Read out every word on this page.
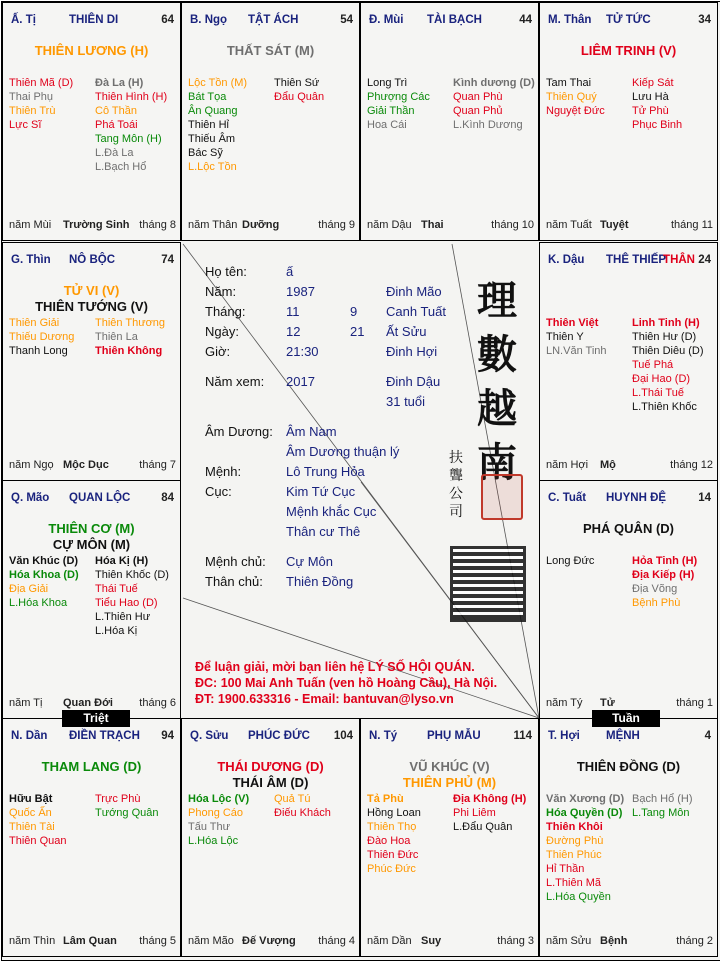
Ấ. Tị	THIÊN DI	64
THIÊN LƯƠNG (H)
Thiên Mã (D)
Thai Phụ
Thiên Trù
Lực Sĩ
Đà La (H)
Thiên Hình (H)
Cô Thần
Phá Toái
Tang Môn (H)
L.Đà La
L.Bạch Hổ
năm Mùi Trường Sinh tháng 8
B. Ngọ TẬT ÁCH	54
THẤT SÁT (M)
Lộc Tồn (M)
Bát Tọa
Ân Quang
Thiên Hỉ
Thiếu Âm
Bác Sỹ
L.Lộc Tồn
Thiên Sứ
Đẩu Quân
năm Thân Dưỡng	tháng 9
Đ. Mùi TÀI BẠCH	44
Long Trì
Phượng Các
Giải Thần
Hoa Cái
Kình dương (D)
Quan Phù
Quan Phủ
L.Kình Dương
năm Dậu Thai	tháng 10
M. Thân TỬ TỨC	34
LIÊM TRINH (V)
Tam Thai
Thiên Quý
Nguyệt Đức
Kiếp Sát
Lưu Hà
Tử Phù
Phục Binh
năm Tuất Tuyệt	tháng 11
G. Thìn NÔ BỘC	74
TỬ VI (V)
THIÊN TƯỚNG (V)
Thiên Giải
Thiếu Dương
Thanh Long
Thiên Thương
Thiên La
Thiên Không
năm Ngọ Mộc Dục	tháng 7
K. Dậu THÊ THIẾP
THÂN 24
Thiên Việt
Thiên Y
LN.Văn Tinh
Linh Tinh (H)
Thiên Hư (D)
Thiên Diêu (D)
Tuế Phá
Đại Hao (D)
L.Thái Tuế
L.Thiên Khốc
năm Hợi Mộ	tháng 12
Q. Mão QUAN LỘC	84
THIÊN CƠ (M)
CỰ MÔN (M)
Văn Khúc (D)
Hóa Khoa (D)
Địa Giải
L.Hóa Khoa
Hóa Kị (H)
Thiên Khốc (D)
Thái Tuế
Tiểu Hao (D)
L.Thiên Hư
L.Hóa Kị
năm Tị Quan Đới tháng 6
C. Tuất HUYNH ĐỆ	14
PHÁ QUÂN (D)
Long Đức	Hỏa Tinh (H)
Địa Kiếp (H)
Địa Võng
Bệnh Phù
năm Tý Tử	tháng 1
N. Dần ĐIỀN TRẠCH 94
THAM LANG (D)
Hữu Bật
Quốc Ấn
Thiên Tài
Thiên Quan
Trực Phù
Tướng Quân
năm Thìn Lâm Quan tháng 5
Q. Sửu PHÚC ĐỨC 104
THÁI DƯƠNG (D)
THÁI ÂM (D)
Hóa Lộc (V)
Phong Cáo
Tấu Thư
L.Hóa Lộc
Quả Tú
Điếu Khách
năm Mão Đế Vượng tháng 4
N. Tý	PHỤ MẪU	114
VŨ KHÚC (V)
THIÊN PHỦ (M)
Tả Phù
Hồng Loan
Thiên Thọ
Đào Hoa
Thiên Đức
Phúc Đức
Địa Không (H)
Phi Liêm
L.Đẩu Quân
năm Dần Suy	tháng 3
T. Hợi MỆNH	4
THIÊN ĐỒNG (D)
Văn Xương (D)
Hóa Quyền (D)
Thiên Khôi
Đường Phù
Thiên Phúc
Hỉ Thần
L.Thiên Mã
L.Hóa Quyền
Bạch Hổ (H)
L.Tang Môn
năm Sửu Bệnh	tháng 2
Họ tên:	ấ
Năm:	1987	Đinh Mão
Tháng:	11	9 Canh Tuất
Ngày:	12	21 Ất Sửu
Giờ:	21:30	Đinh Hợi
Năm xem: 2017	Đinh Dậu
31 tuổi
Âm Dương: Âm Nam
Âm Dương thuận lý
Mệnh:	Lô Trung Hỏa
Cục:	Kim Tứ Cục
Mệnh khắc Cục
Thân cư Thê
Mệnh chủ: Cự Môn
Thân chủ: Thiên Đồng
理數越南
扶
聾
公
司
Để luận giải, mời bạn liên hệ LÝ SỐ HỘI QUÁN.
ĐC: 100 Mai Anh Tuấn (ven hồ Hoàng Cầu), Hà Nội.
ĐT: 1900.633316 - Email: bantuvan@lyso.vn
Triệt	Tuần
